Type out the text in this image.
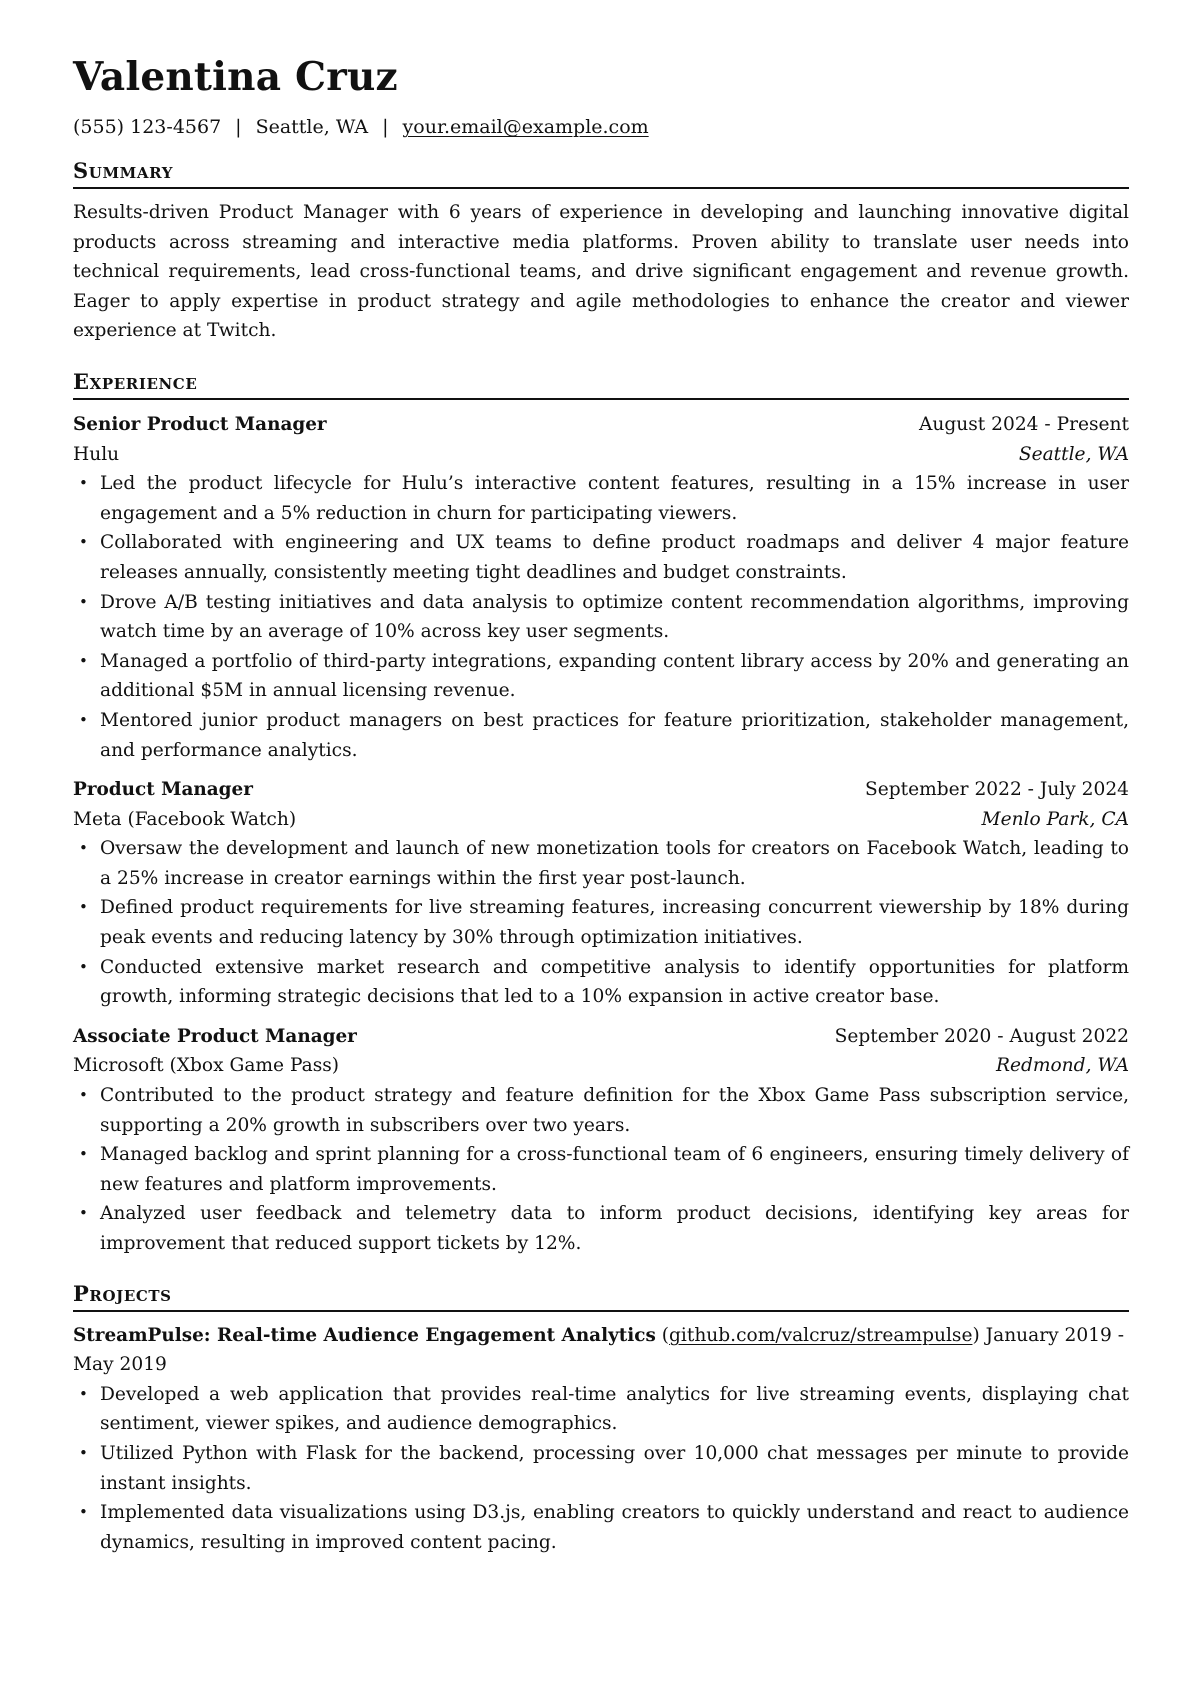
Valentina Cruz
(555) 123-4567 | Seattle, WA | your.email@example.com
Summary
Results-driven Product Manager with 6 years of experience in developing and launching innovative digital products across streaming and interactive media platforms. Proven ability to translate user needs into technical requirements, lead cross-functional teams, and drive significant engagement and revenue growth. Eager to apply expertise in product strategy and agile methodologies to enhance the creator and viewer experience at Twitch.
Experience
Senior Product Manager	August 2024 - Present
Hulu	Seattle, WA
• Led the product lifecycle for Hulu’s interactive content features, resulting in a 15% increase in user engagement and a 5% reduction in churn for participating viewers.
• Collaborated with engineering and UX teams to define product roadmaps and deliver 4 major feature releases annually, consistently meeting tight deadlines and budget constraints.
• Drove A/B testing initiatives and data analysis to optimize content recommendation algorithms, improving watch time by an average of 10% across key user segments.
• Managed a portfolio of third-party integrations, expanding content library access by 20% and generating an additional $5M in annual licensing revenue.
• Mentored junior product managers on best practices for feature prioritization, stakeholder management, and performance analytics.
Product Manager	September 2022 - July 2024
Meta (Facebook Watch)	Menlo Park, CA
• Oversaw the development and launch of new monetization tools for creators on Facebook Watch, leading to a 25% increase in creator earnings within the first year post-launch.
• Defined product requirements for live streaming features, increasing concurrent viewership by 18% during peak events and reducing latency by 30% through optimization initiatives.
• Conducted extensive market research and competitive analysis to identify opportunities for platform growth, informing strategic decisions that led to a 10% expansion in active creator base.
Associate Product Manager	September 2020 - August 2022
Microsoft (Xbox Game Pass)	Redmond, WA
• Contributed to the product strategy and feature definition for the Xbox Game Pass subscription service, supporting a 20% growth in subscribers over two years.
• Managed backlog and sprint planning for a cross-functional team of 6 engineers, ensuring timely delivery of new features and platform improvements.
• Analyzed user feedback and telemetry data to inform product decisions, identifying key areas for improvement that reduced support tickets by 12%.
Projects
StreamPulse: Real-time Audience Engagement Analytics (github.com/valcruz/streampulse) January 2019 - May 2019
• Developed a web application that provides real-time analytics for live streaming events, displaying chat sentiment, viewer spikes, and audience demographics.
• Utilized Python with Flask for the backend, processing over 10,000 chat messages per minute to provide instant insights.
• Implemented data visualizations using D3.js, enabling creators to quickly understand and react to audience dynamics, resulting in improved content pacing.
